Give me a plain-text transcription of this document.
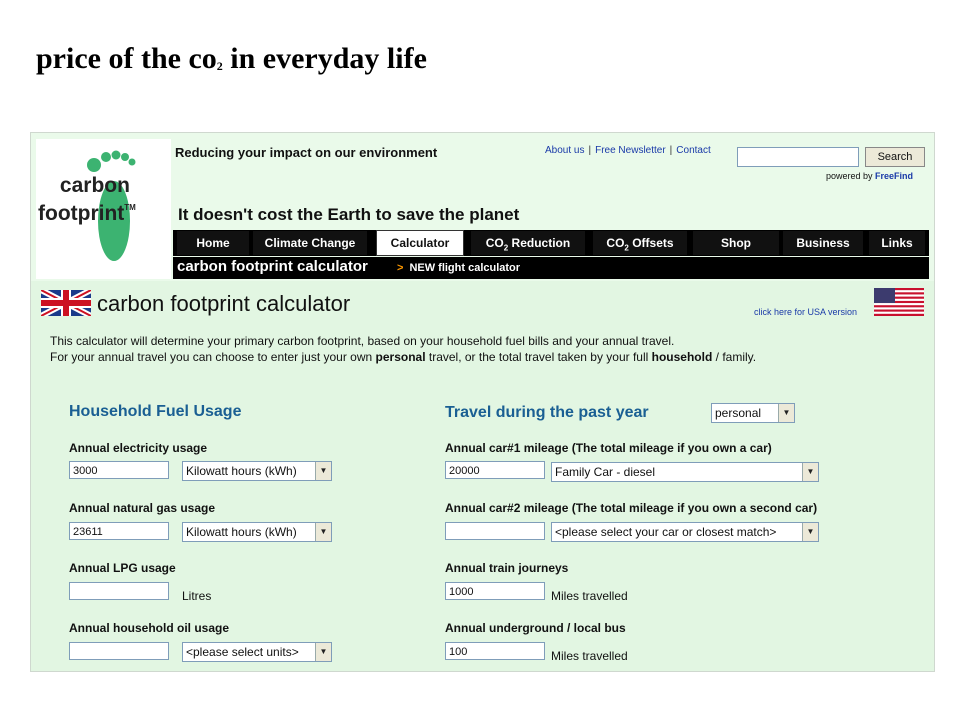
price of the $co_2$ in everyday life
carbon
footprint™
Reducing your impact on our environment	About us | Free Newsletter | Contact
Search
powered by FreeFind
It doesn't cost the Earth to save the planet
Home	Climate Change	Calculator	$CO_2$ Reduction	$CO_2$ Offsets	Shop	Business	Links
carbon footprint calculator	> NEW flight calculator
carbon footprint calculator	click here for USA version
This calculator will determine your primary carbon footprint, based on your household fuel bills and your annual travel.
For your annual travel you can choose to enter just your own personal travel, or the total travel taken by your full household / family.
Household Fuel Usage
Annual electricity usage
3000	Kilowatt hours (kWh)	▼
Annual natural gas usage
23611	Kilowatt hours (kWh)	▼
Annual LPG usage
Litres
Annual household oil usage
<please select units>	▼
Travel during the past year	personal	▼
Annual car#1 mileage (The total mileage if you own a car)
20000	Family Car - diesel	▼
Annual car#2 mileage (The total mileage if you own a second car)
<please select your car or closest match>	▼
Annual train journeys
1000	Miles travelled
Annual underground / local bus
100	Miles travelled
